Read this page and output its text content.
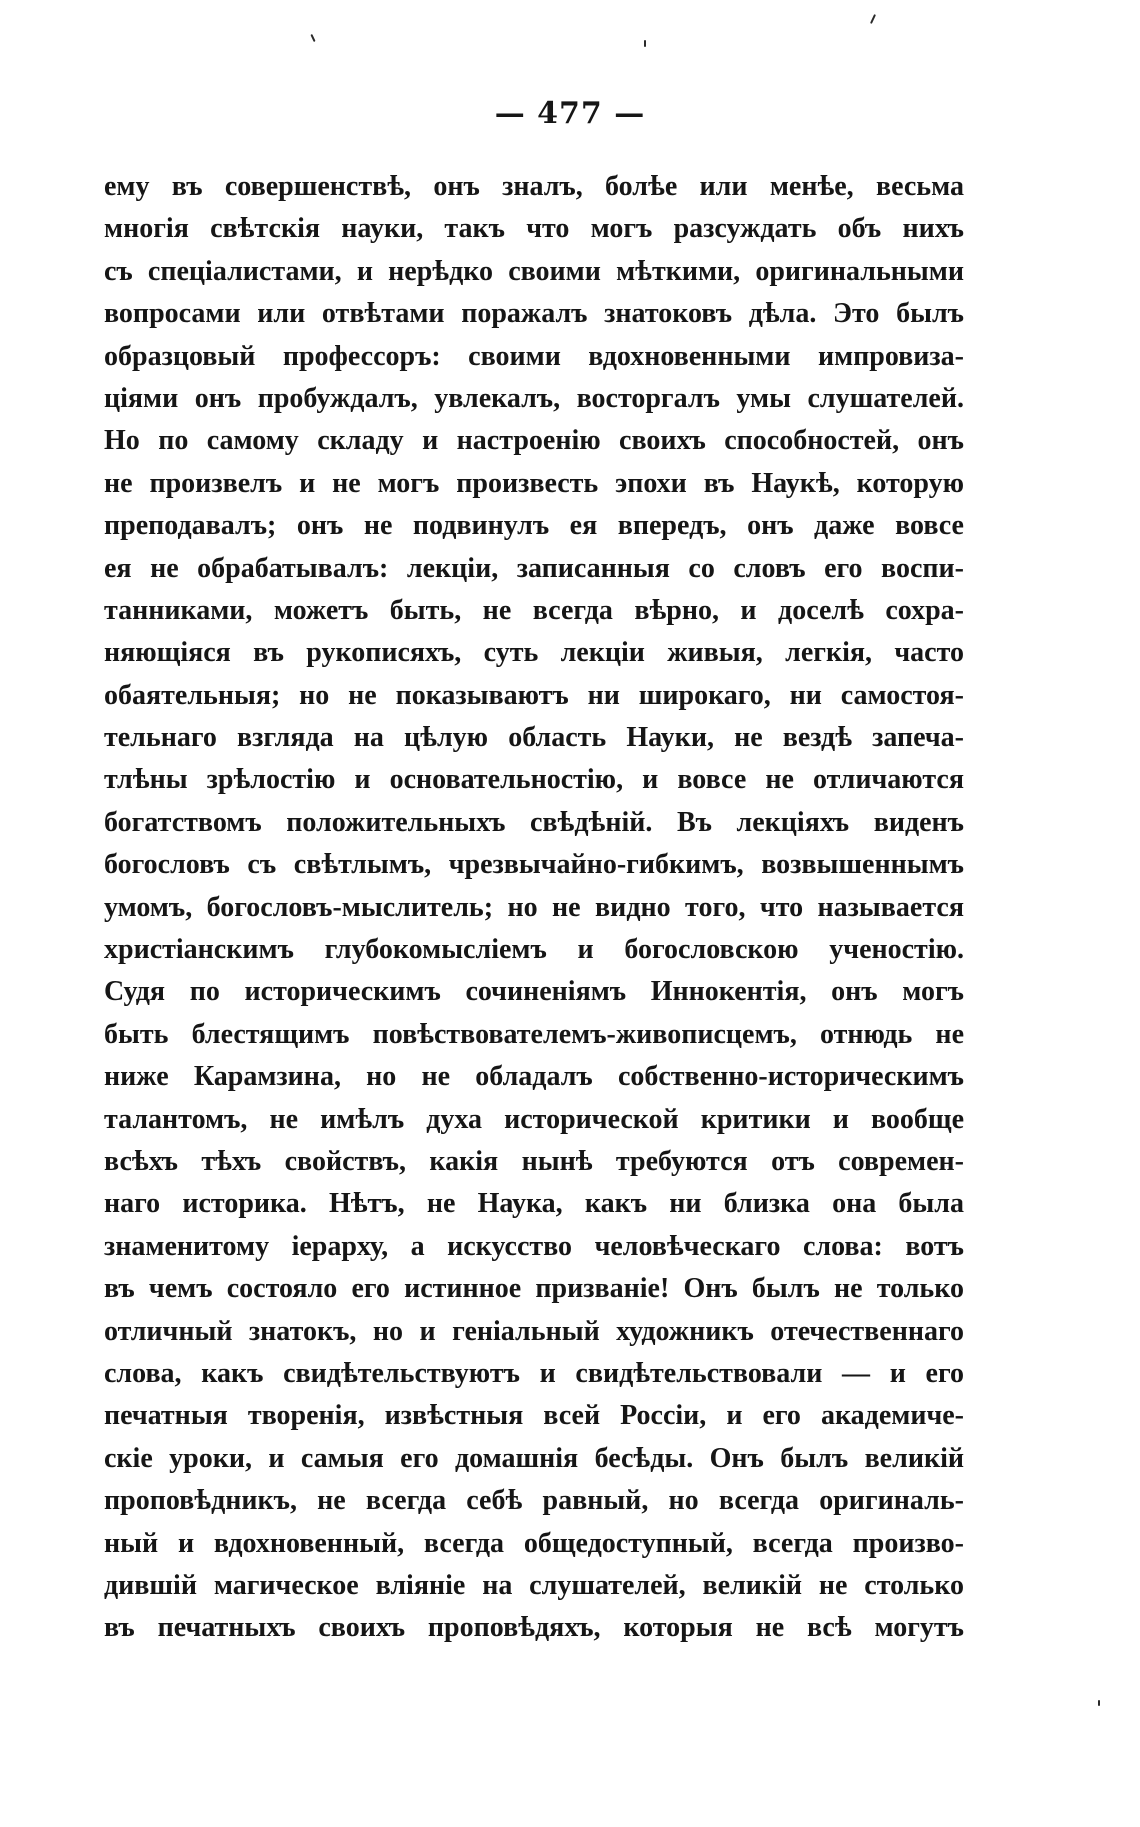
— 477 —
ему въ совершенствѣ, онъ зналъ, болѣе или менѣе, весьма
многія свѣтскія науки, такъ что могъ разсуждать объ нихъ
съ спеціалистами, и нерѣдко своими мѣткими, оригинальными
вопросами или отвѣтами поражалъ знатоковъ дѣла. Это былъ
образцовый профессоръ: своими вдохновенными импровиза-
ціями онъ пробуждалъ, увлекалъ, восторгалъ умы слушателей.
Но по самому складу и настроенію своихъ способностей, онъ
не произвелъ и не могъ произвесть эпохи въ Наукѣ, которую
преподавалъ; онъ не подвинулъ ея впередъ, онъ даже вовсе
ея не обрабатывалъ: лекціи, записанныя со словъ его воспи-
танниками, можетъ быть, не всегда вѣрно, и доселѣ сохра-
няющіяся въ рукописяхъ, суть лекціи живыя, легкія, часто
обаятельныя; но не показываютъ ни широкаго, ни самостоя-
тельнаго взгляда на цѣлую область Науки, не вездѣ запеча-
тлѣны зрѣлостію и основательностію, и вовсе не отличаются
богатствомъ положительныхъ свѣдѣній. Въ лекціяхъ виденъ
богословъ съ свѣтлымъ, чрезвычайно-гибкимъ, возвышеннымъ
умомъ, богословъ-мыслитель; но не видно того, что называется
христіанскимъ глубокомысліемъ и богословскою ученостію.
Судя по историческимъ сочиненіямъ Иннокентія, онъ могъ
быть блестящимъ повѣствователемъ-живописцемъ, отнюдь не
ниже Карамзина, но не обладалъ собственно-историческимъ
талантомъ, не имѣлъ духа исторической критики и вообще
всѣхъ тѣхъ свойствъ, какія нынѣ требуются отъ современ-
наго историка. Нѣтъ, не Наука, какъ ни близка она была
знаменитому іерарху, а искусство человѣческаго слова: вотъ
въ чемъ состояло его истинное призваніе! Онъ былъ не только
отличный знатокъ, но и геніальный художникъ отечественнаго
слова, какъ свидѣтельствуютъ и свидѣтельствовали — и его
печатныя творенія, извѣстныя всей Россіи, и его академиче-
скіе уроки, и самыя его домашнія бесѣды. Онъ былъ великій
проповѣдникъ, не всегда себѣ равный, но всегда оригиналь-
ный и вдохновенный, всегда общедоступный, всегда произво-
дившій магическое вліяніе на слушателей, великій не столько
въ печатныхъ своихъ проповѣдяхъ, которыя не всѣ могутъ
